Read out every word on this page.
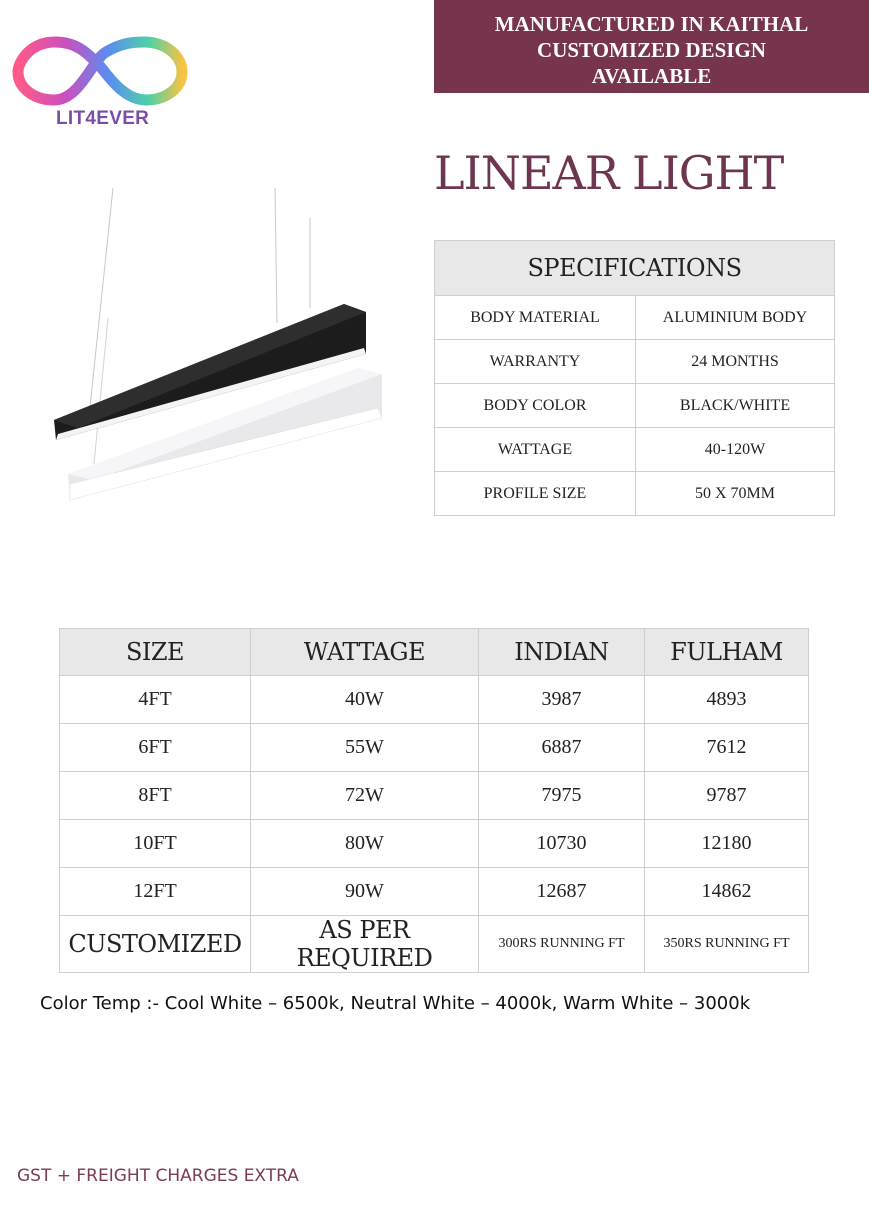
LIT4EVER
MANUFACTURED IN KAITHAL
CUSTOMIZED DESIGN
AVAILABLE
LINEAR LIGHT
SPECIFICATIONS	
BODY MATERIAL	ALUMINIUM BODY
WARRANTY	24 MONTHS
BODY COLOR	BLACK/WHITE
WATTAGE	40-120W
PROFILE SIZE	50 X 70MM
SIZE	WATTAGE	INDIAN	FULHAM
4FT	40W	3987	4893
6FT	55W	6887	7612
8FT	72W	7975	9787
10FT	80W	10730	12180
12FT	90W	12687	14862
CUSTOMIZED	AS PER REQUIRED	300RS RUNNING FT	350RS RUNNING FT
Color Temp :- Cool White – 6500k, Neutral White – 4000k, Warm White – 3000k
GST + FREIGHT CHARGES EXTRA
